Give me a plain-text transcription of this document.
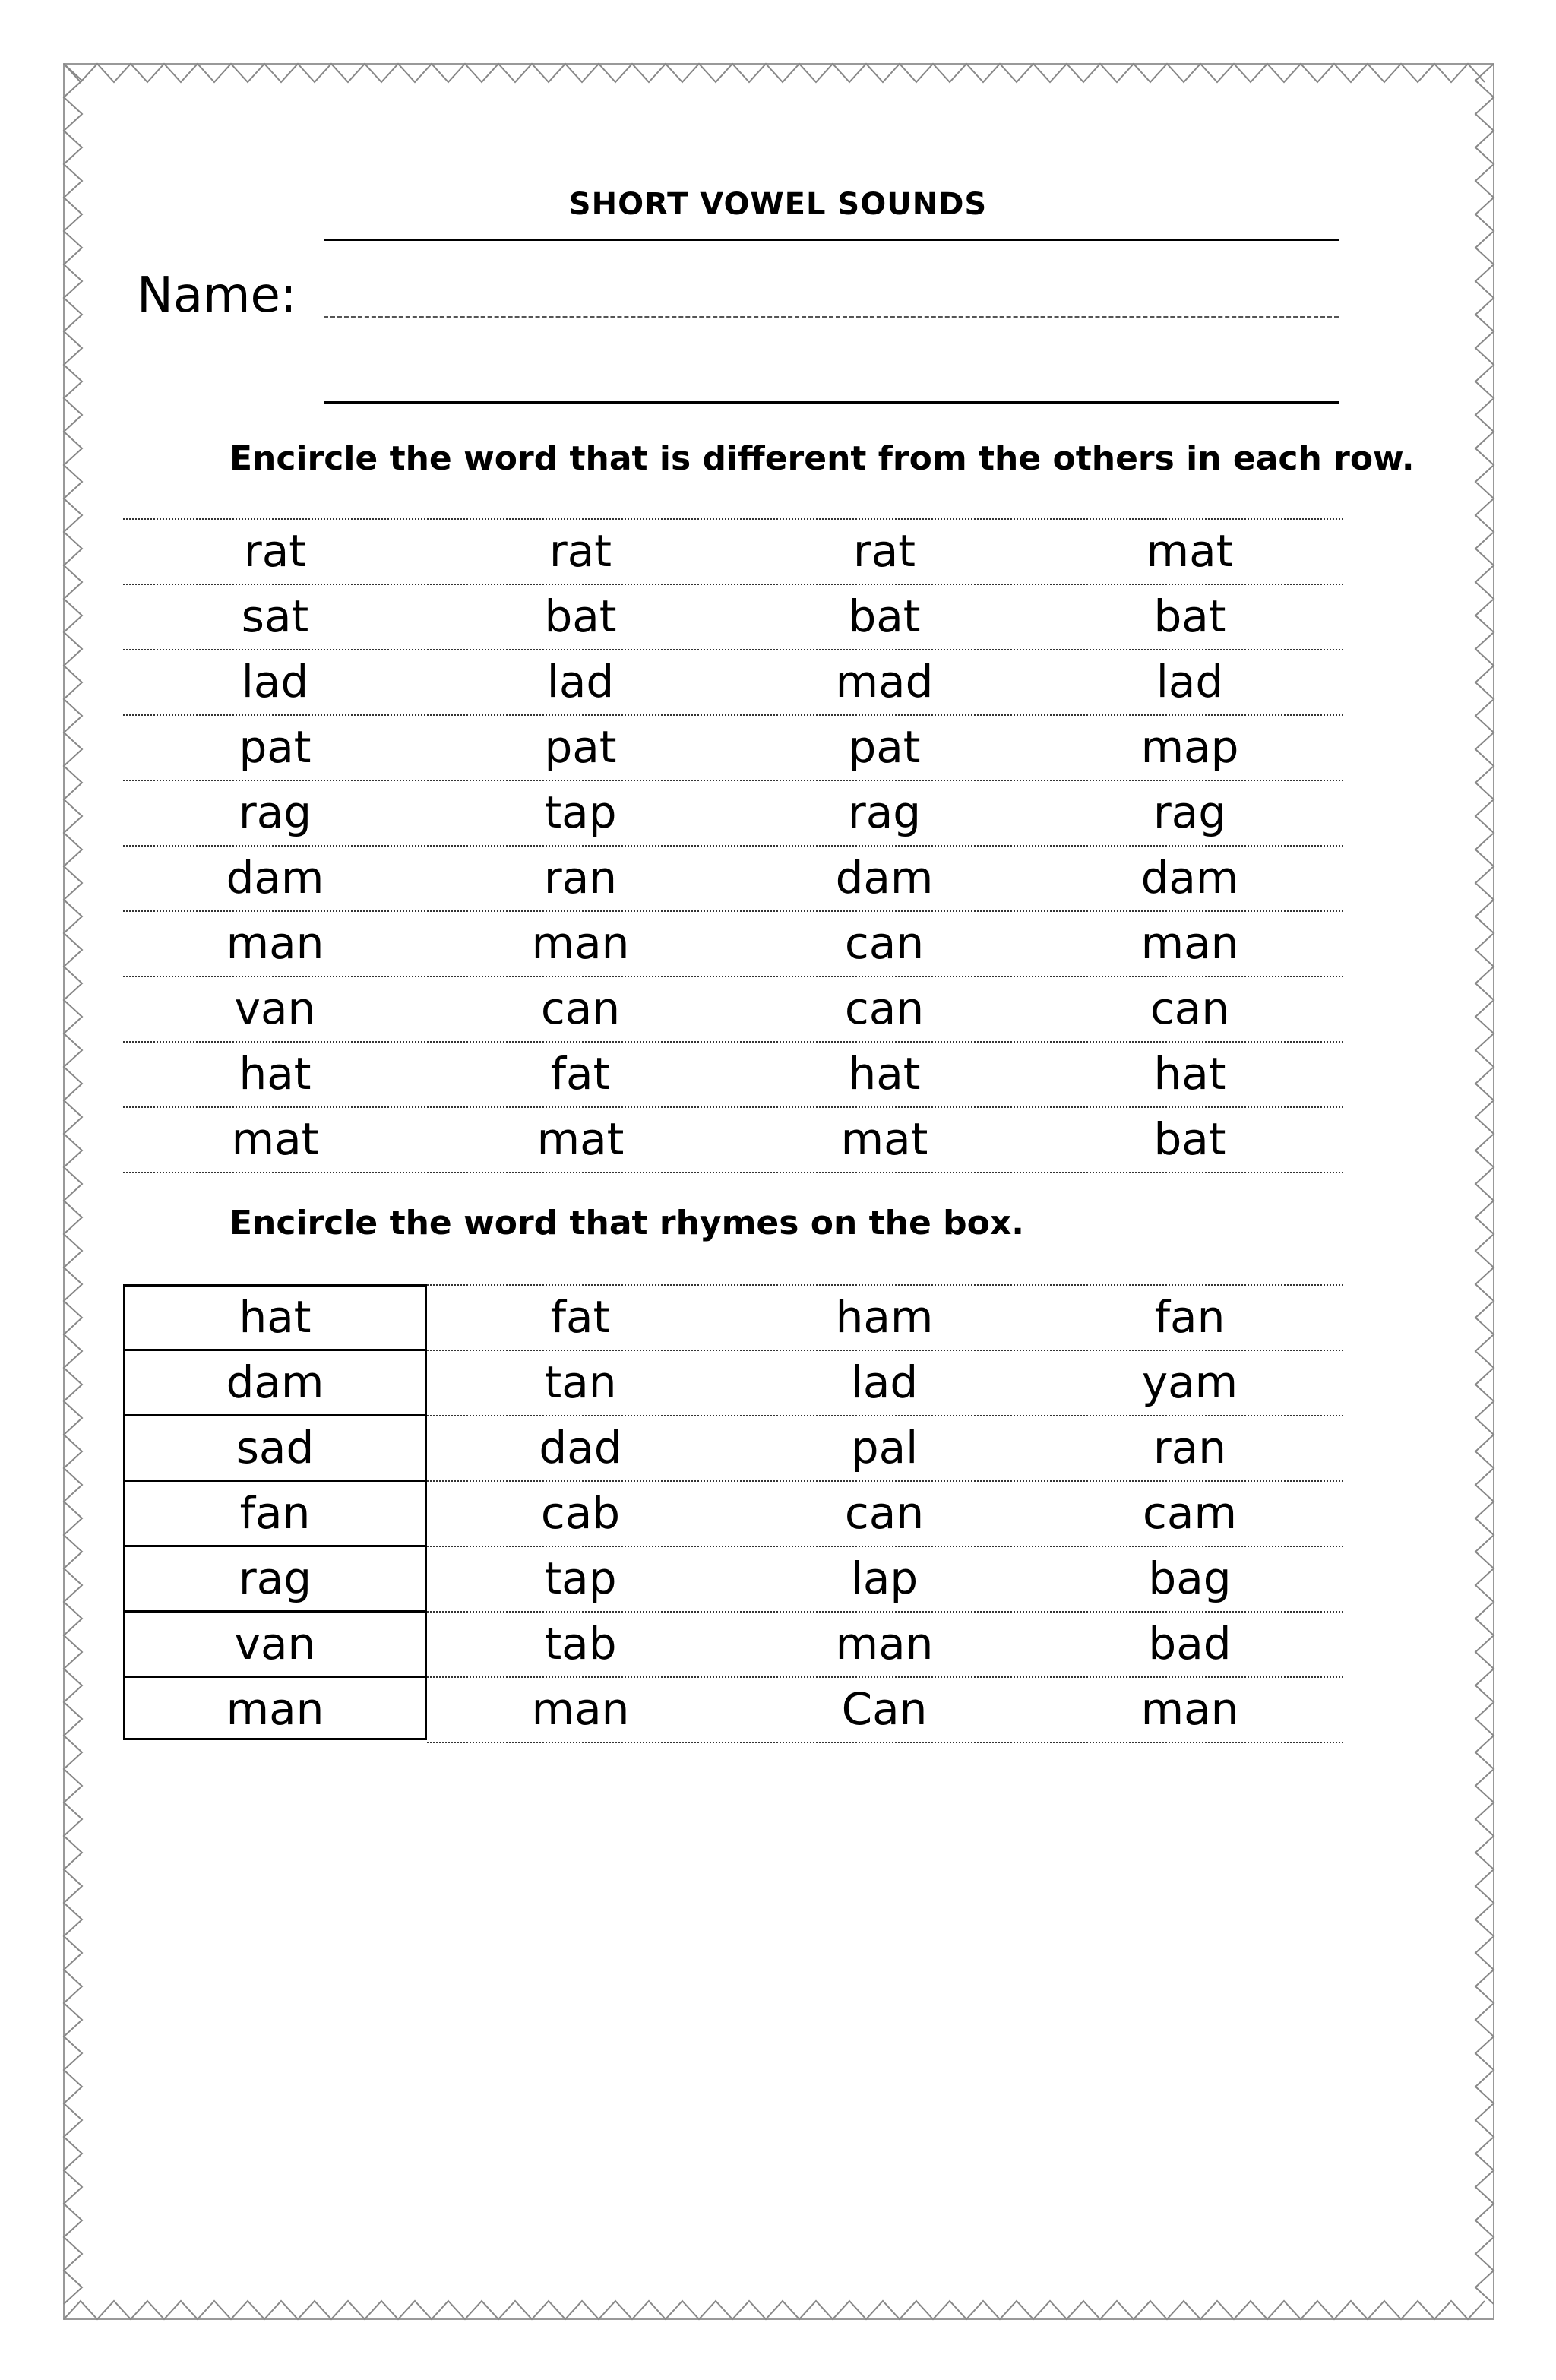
SHORT VOWEL SOUNDS
Name:
Encircle the word that is different from the others in each row.
rat	rat	rat	mat
sat	bat	bat	bat
lad	lad	mad	lad
pat	pat	pat	map
rag	tap	rag	rag
dam	ran	dam	dam
man	man	can	man
van	can	can	can
hat	fat	hat	hat
mat	mat	mat	bat
Encircle the word that rhymes on the box.
hat	fat	ham	fan
dam	tan	lad	yam
sad	dad	pal	ran
fan	cab	can	cam
rag	tap	lap	bag
van	tab	man	bad
man	man	Can	man
